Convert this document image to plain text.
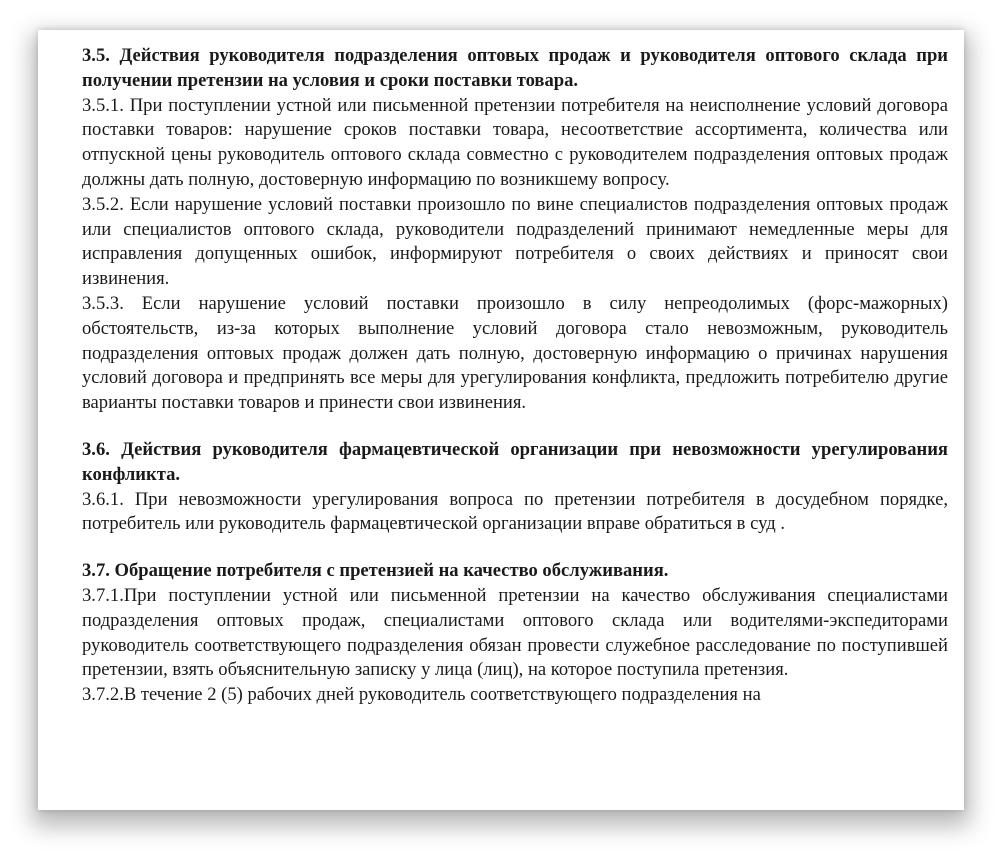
3.5. Действия руководителя подразделения оптовых продаж и руководителя оптового склада при получении претензии на условия и сроки поставки товара.

3.5.1. При поступлении устной или письменной претензии потребителя на неисполнение условий договора поставки товаров: нарушение сроков поставки товара, несоответствие ассортимента, количества или отпускной цены руководитель оптового склада совместно с руководителем подразделения оптовых продаж должны дать полную, достоверную информацию по возникшему вопросу.

3.5.2. Если нарушение условий поставки произошло по вине специалистов подразделения оптовых продаж или специалистов оптового склада, руководители подразделений принимают немедленные меры для исправления допущенных ошибок, информируют потребителя о своих действиях и приносят свои извинения.

3.5.3. Если нарушение условий поставки произошло в силу непреодолимых (форс-мажорных) обстоятельств, из-за которых выполнение условий договора стало невозможным, руководитель подразделения оптовых продаж должен дать полную, достоверную информацию о причинах нарушения условий договора и предпринять все меры для урегулирования конфликта, предложить потребителю другие варианты поставки товаров и принести свои извинения.

3.6. Действия руководителя фармацевтической организации при невозможности урегулирования конфликта.

3.6.1. При невозможности урегулирования вопроса по претензии потребителя в досудебном порядке, потребитель или руководитель фармацевтической организации вправе обратиться в суд .

3.7. Обращение потребителя с претензией на качество обслуживания.

3.7.1.При поступлении устной или письменной претензии на качество обслуживания специалистами подразделения оптовых продаж, специалистами оптового склада или водителями-экспедиторами руководитель соответствующего подразделения обязан провести служебное расследование по поступившей претензии, взять объяснительную записку у лица (лиц), на которое поступила претензия.

3.7.2.В течение 2 (5) рабочих дней руководитель соответствующего подразделения на
